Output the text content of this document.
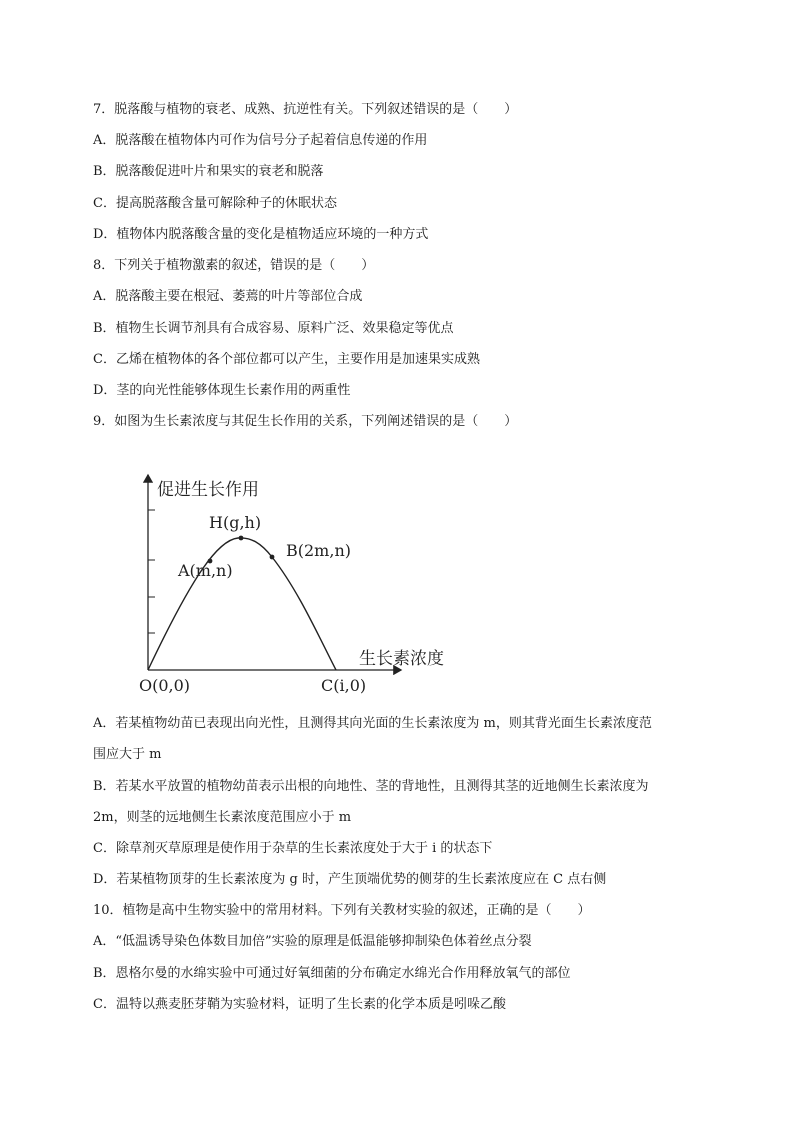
7．脱落酸与植物的衰老、成熟、抗逆性有关。下列叙述错误的是（　　）
A．脱落酸在植物体内可作为信号分子起着信息传递的作用
B．脱落酸促进叶片和果实的衰老和脱落
C．提高脱落酸含量可解除种子的休眠状态
D．植物体内脱落酸含量的变化是植物适应环境的一种方式
8．下列关于植物激素的叙述，错误的是（　　）
A．脱落酸主要在根冠、萎蔫的叶片等部位合成
B．植物生长调节剂具有合成容易、原料广泛、效果稳定等优点
C．乙烯在植物体的各个部位都可以产生，主要作用是加速果实成熟
D．茎的向光性能够体现生长素作用的两重性
9．如图为生长素浓度与其促生长作用的关系，下列阐述错误的是（　　）
促进生长作用
生长素浓度
H(g,h)
A(m,n)
B(2m,n)
O(0,0)	C(i,0)
A．若某植物幼苗已表现出向光性，且测得其向光面的生长素浓度为 m，则其背光面生长素浓度范
围应大于 m
B．若某水平放置的植物幼苗表示出根的向地性、茎的背地性，且测得其茎的近地侧生长素浓度为
2m，则茎的远地侧生长素浓度范围应小于 m
C．除草剂灭草原理是使作用于杂草的生长素浓度处于大于 i 的状态下
D．若某植物顶芽的生长素浓度为 g 时，产生顶端优势的侧芽的生长素浓度应在 C 点右侧
10．植物是高中生物实验中的常用材料。下列有关教材实验的叙述，正确的是（　　）
A．“低温诱导染色体数目加倍”实验的原理是低温能够抑制染色体着丝点分裂
B．恩格尔曼的水绵实验中可通过好氧细菌的分布确定水绵光合作用释放氧气的部位
C．温特以燕麦胚芽鞘为实验材料，证明了生长素的化学本质是吲哚乙酸
